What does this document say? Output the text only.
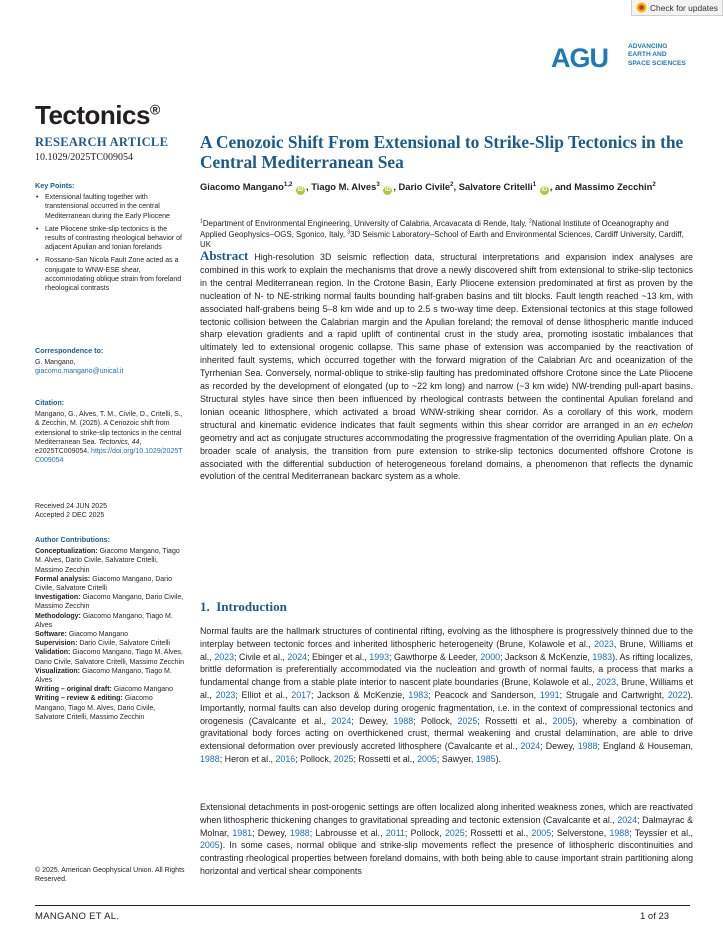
Check for updates
AGU	ADVANCING
EARTH AND
SPACE SCIENCES
Tectonics®
RESEARCH ARTICLE
10.1029/2025TC009054
Key Points:
• Extensional faulting together with transtensional occurred in the central Mediterranean during the Early Pliocene
• Late Pliocene strike-slip tectonics is the results of contrasting rheological behavior of adjacent Apulian and Ionian forelands
• Rossano-San Nicola Fault Zone acted as a conjugate to WNW-ESE shear, accommodating oblique strain from foreland rheological contrasts
Correspondence to:
G. Mangano,
giacomo.mangano@unical.it
Citation:
Mangano, G., Alves, T. M., Civile, D., Critelli, S., & Zecchin, M. (2025). A Cenozoic shift from extensional to strike-slip tectonics in the central Mediterranean Sea. Tectonics, 44, e2025TC009054. https://doi.org/10.1029/2025TC009054
Received 24 JUN 2025
Accepted 2 DEC 2025
Author Contributions:
Conceptualization: Giacomo Mangano, Tiago M. Alves, Dario Civile, Salvatore Critelli, Massimo Zecchin
Formal analysis: Giacomo Mangano, Dario Civile, Salvatore Critelli
Investigation: Giacomo Mangano, Dario Civile, Massimo Zecchin
Methodology: Giacomo Mangano, Tiago M. Alves
Software: Giacomo Mangano
Supervision: Dario Civile, Salvatore Critelli
Validation: Giacomo Mangano, Tiago M. Alves, Dario Civile, Salvatore Critelli, Massimo Zecchin
Visualization: Giacomo Mangano, Tiago M. Alves
Writing – original draft: Giacomo Mangano
Writing – review & editing: Giacomo Mangano, Tiago M. Alves, Dario Civile, Salvatore Critelli, Massimo Zecchin
© 2025. American Geophysical Union. All Rights Reserved.
A Cenozoic Shift From Extensional to Strike-Slip Tectonics in the Central Mediterranean Sea
Giacomo Mangano$^{1,2}$ iD , Tiago M. Alves$^3$ iD , Dario Civile$^2$, Salvatore Critelli$^1$ iD , and Massimo Zecchin$^2$
$^1$Department of Environmental Engineering, University of Calabria, Arcavacata di Rende, Italy, $^2$National Institute of Oceanography and Applied Geophysics–OGS, Sgonico, Italy, $^3$3D Seismic Laboratory–School of Earth and Environmental Sciences, Cardiff University, Cardiff, UK
Abstract High-resolution 3D seismic reflection data, structural interpretations and expansion index analyses are combined in this work to explain the mechanisms that drove a newly discovered shift from extensional to strike-slip tectonics in the central Mediterranean region. In the Crotone Basin, Early Pliocene extension predominated at first as proven by the nucleation of N- to NE-striking normal faults bounding half-graben basins and tilt blocks. Fault length reached ~13 km, with associated half-grabens being 5–8 km wide and up to 2.5 s two-way time deep. Extensional tectonics at this stage followed tectonic collision between the Calabrian margin and the Apulian foreland; the removal of dense lithospheric mantle induced sharp elevation gradients and a rapid uplift of continental crust in the study area, promoting isostatic imbalances that ultimately led to extensional orogenic collapse. This same phase of extension was accompanied by the reactivation of inherited fault systems, which occurred together with the forward migration of the Calabrian Arc and oceanization of the Tyrrhenian Sea. Conversely, normal-oblique to strike-slip faulting has predominated offshore Crotone since the Late Pliocene as recorded by the development of elongated (up to ~22 km long) and narrow (~3 km wide) NW-trending pull-apart basins. Structural styles have since then been influenced by rheological contrasts between the continental Apulian foreland and Ionian oceanic lithosphere, which activated a broad WNW-striking shear corridor. As a corollary of this work, modern structural and kinematic evidence indicates that fault segments within this shear corridor are arranged in an en echelon geometry and act as conjugate structures accommodating the progressive fragmentation of the overriding Apulian plate. On a broader scale of analysis, the transition from pure extension to strike-slip tectonics documented offshore Crotone is associated with the differential subduction of heterogeneous foreland domains, a phenomenon that reflects the dynamic evolution of the central Mediterranean backarc system as a whole.
1.  Introduction
Normal faults are the hallmark structures of continental rifting, evolving as the lithosphere is progressively thinned due to the interplay between tectonic forces and inherited lithospheric heterogeneity (Brune, Kolawole et al., 2023, Brune, Williams et al., 2023; Civile et al., 2024; Ebinger et al., 1993; Gawthorpe & Leeder, 2000; Jackson & McKenzie, 1983). As rifting localizes, brittle deformation is preferentially accommodated via the nucleation and growth of normal faults, a process that marks a fundamental change from a stable plate interior to nascent plate boundaries (Brune, Kolawole et al., 2023, Brune, Williams et al., 2023; Elliot et al., 2017; Jackson & McKenzie, 1983; Peacock and Sanderson, 1991; Strugale and Cartwright, 2022). Importantly, normal faults can also develop during orogenic fragmentation, i.e. in the context of compressional tectonics and orogenesis (Cavalcante et al., 2024; Dewey, 1988; Pollock, 2025; Rossetti et al., 2005), whereby a combination of gravitational body forces acting on overthickened crust, thermal weakening and crustal delamination, are able to drive extensional deformation over previously accreted lithosphere (Cavalcante et al., 2024; Dewey, 1988; England & Houseman, 1988; Heron et al., 2016; Pollock, 2025; Rossetti et al., 2005; Sawyer, 1985).
Extensional detachments in post-orogenic settings are often localized along inherited weakness zones, which are reactivated when lithospheric thickening changes to gravitational spreading and tectonic extension (Cavalcante et al., 2024; Dalmayrac & Molnar, 1981; Dewey, 1988; Labrousse et al., 2011; Pollock, 2025; Rossetti et al., 2005; Selverstone, 1988; Teyssier et al., 2005). In some cases, normal oblique and strike-slip movements reflect the presence of lithospheric discontinuities and contrasting rheological properties between foreland domains, with both being able to cause important strain partitioning along horizontal and vertical shear components
MANGANO ET AL.	1 of 23
